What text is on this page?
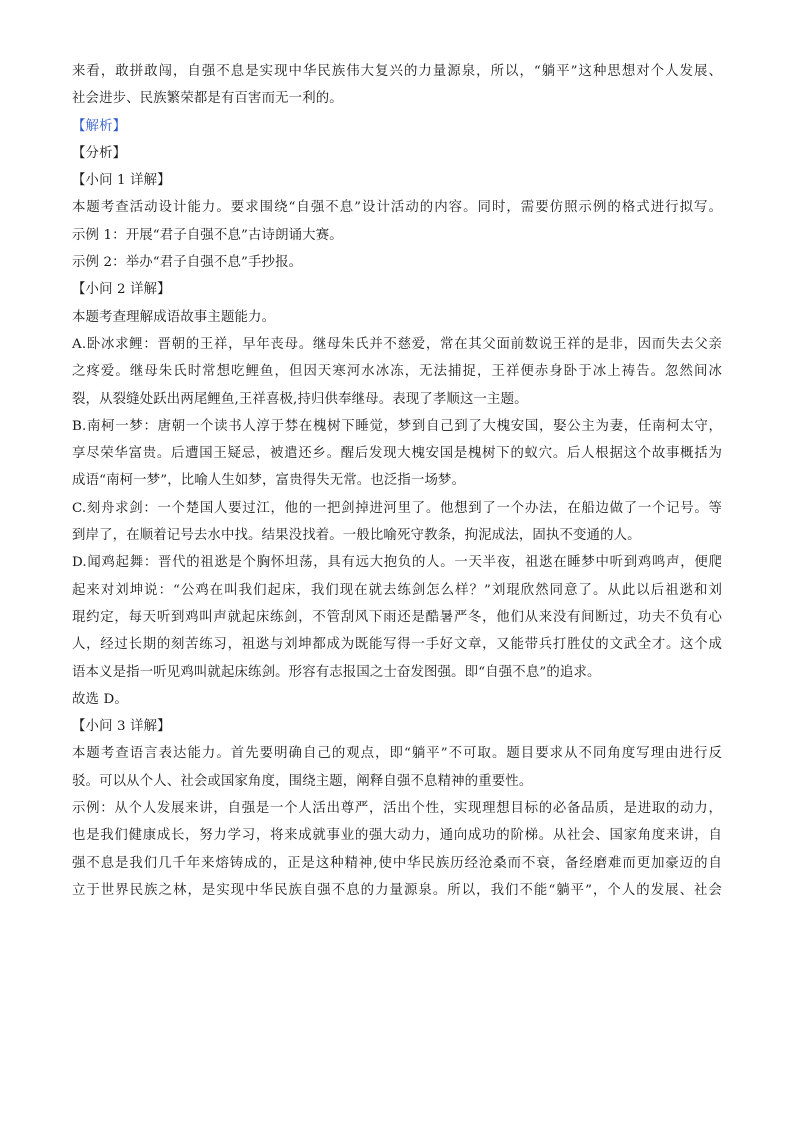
来看，敢拼敢闯，自强不息是实现中华民族伟大复兴的力量源泉，所以，“躺平”这种思想对个人发展、
社会进步、民族繁荣都是有百害而无一利的。
【解析】
【分析】
【小问 1 详解】
本题考查活动设计能力。要求围绕“自强不息”设计活动的内容。同时，需要仿照示例的格式进行拟写。
示例 1：开展“君子自强不息”古诗朗诵大赛。
示例 2：举办“君子自强不息”手抄报。
【小问 2 详解】
本题考查理解成语故事主题能力。
A.卧冰求鲤：晋朝的王祥，早年丧母。继母朱氏并不慈爱，常在其父面前数说王祥的是非，因而失去父亲
之疼爱。继母朱氏时常想吃鲤鱼，但因天寒河水冰冻，无法捕捉，王祥便赤身卧于冰上祷告。忽然间冰
裂，从裂缝处跃出两尾鲤鱼,王祥喜极,持归供奉继母。表现了孝顺这一主题。
B.南柯一梦：唐朝一个读书人淳于棼在槐树下睡觉，梦到自己到了大槐安国，娶公主为妻，任南柯太守，
享尽荣华富贵。后遭国王疑忌，被遣还乡。醒后发现大槐安国是槐树下的蚁穴。后人根据这个故事概括为
成语“南柯一梦”，比喻人生如梦，富贵得失无常。也泛指一场梦。
C.刻舟求剑：一个楚国人要过江，他的一把剑掉进河里了。他想到了一个办法，在船边做了一个记号。等
到岸了，在顺着记号去水中找。结果没找着。一般比喻死守教条，拘泥成法，固执不变通的人。
D.闻鸡起舞：晋代的祖逖是个胸怀坦荡，具有远大抱负的人。一天半夜，祖逖在睡梦中听到鸡鸣声，便爬
起来对刘坤说：“公鸡在叫我们起床，我们现在就去练剑怎么样？”刘琨欣然同意了。从此以后祖逖和刘
琨约定，每天听到鸡叫声就起床练剑，不管刮风下雨还是酷暑严冬，他们从来没有间断过，功夫不负有心
人，经过长期的刻苦练习，祖逖与刘坤都成为既能写得一手好文章，又能带兵打胜仗的文武全才。这个成
语本义是指一听见鸡叫就起床练剑。形容有志报国之士奋发图强。即“自强不息”的追求。
故选 D。
【小问 3 详解】
本题考查语言表达能力。首先要明确自己的观点，即“躺平”不可取。题目要求从不同角度写理由进行反
驳。可以从个人、社会或国家角度，围绕主题，阐释自强不息精神的重要性。
示例：从个人发展来讲，自强是一个人活出尊严，活出个性，实现理想目标的必备品质，是进取的动力，
也是我们健康成长，努力学习，将来成就事业的强大动力，通向成功的阶梯。从社会、国家角度来讲，自
强不息是我们几千年来熔铸成的，正是这种精神,使中华民族历经沧桑而不衰，备经磨难而更加豪迈的自
立于世界民族之林，是实现中华民族自强不息的力量源泉。所以，我们不能“躺平”，个人的发展、社会
